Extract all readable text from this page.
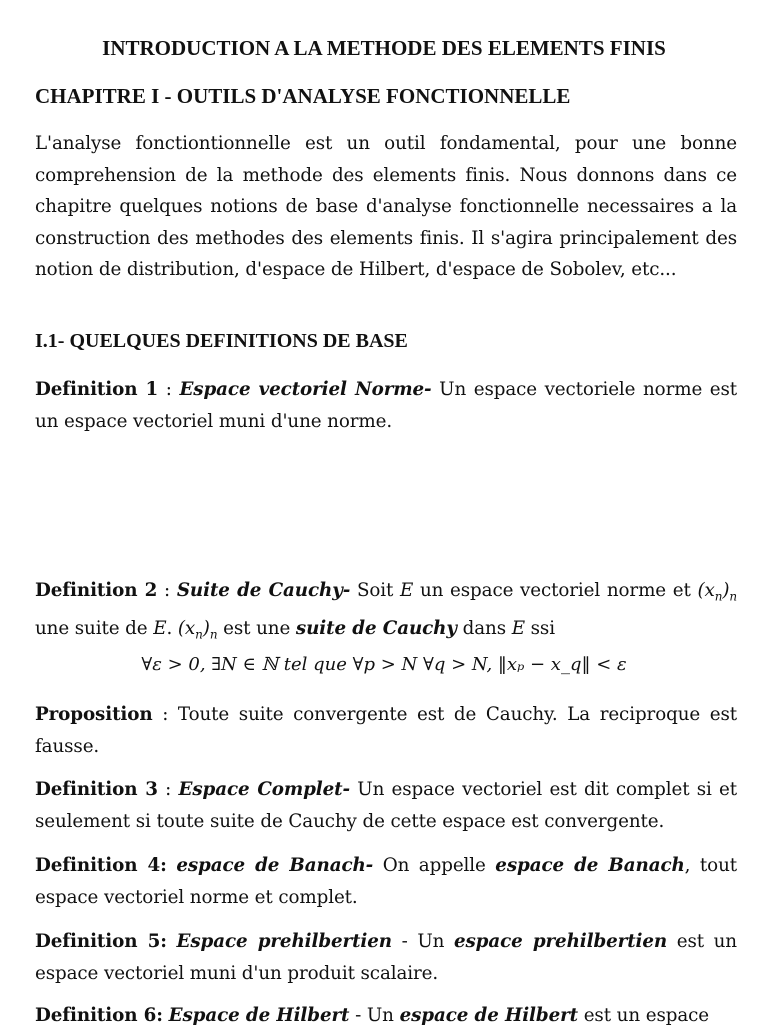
INTRODUCTION A LA METHODE DES ELEMENTS FINIS
CHAPITRE I - OUTILS D'ANALYSE FONCTIONNELLE

L'analyse fonctiontionnelle est un outil fondamental, pour une bonne comprehension de la methode des elements finis. Nous donnons dans ce chapitre quelques notions de base d'analyse fonctionnelle necessaires a la construction des methodes des elements finis. Il s'agira principalement des notion de distribution, d'espace de Hilbert, d'espace de Sobolev, etc...

I.1- QUELQUES DEFINITIONS DE BASE

Definition 1 : Espace vectoriel Norme- Un espace vectoriele norme est un espace vectoriel muni d'une norme.

Definition 2 : Suite de Cauchy- Soit E un espace vectoriel norme et $(x_n)_n$ une suite de E. $(x_n)_n$ est une suite de Cauchy dans E ssi

∀ε > 0, ∃N ∈ ℕ tel que ∀p > N ∀q > N, ‖xₚ − x_q‖ < ε

Proposition : Toute suite convergente est de Cauchy. La reciproque est fausse.

Definition 3 : Espace Complet- Un espace vectoriel est dit complet si et seulement si toute suite de Cauchy de cette espace est convergente.

Definition 4: espace de Banach- On appelle espace de Banach, tout espace vectoriel norme et complet.

Definition 5: Espace prehilbertien - Un espace prehilbertien est un espace vectoriel muni d'un produit scalaire.

Definition 6: Espace de Hilbert - Un espace de Hilbert est un espace
